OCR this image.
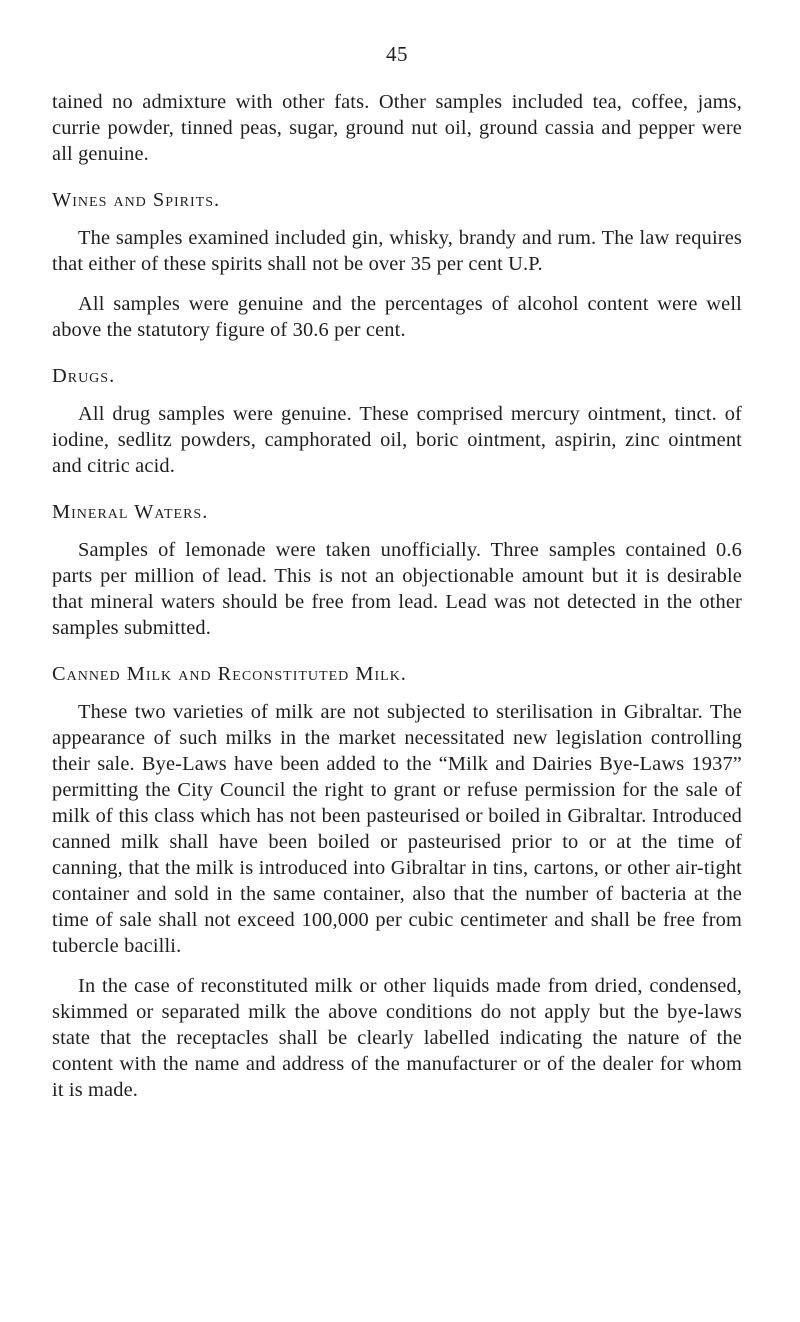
45

tained no admixture with other fats. Other samples included tea, coffee, jams, currie powder, tinned peas, sugar, ground nut oil, ground cassia and pepper were all genuine.

Wines and Spirits.

The samples examined included gin, whisky, brandy and rum. The law requires that either of these spirits shall not be over 35 per cent U.P.

All samples were genuine and the percentages of alcohol content were well above the statutory figure of 30.6 per cent.

Drugs.

All drug samples were genuine. These comprised mercury ointment, tinct. of iodine, sedlitz powders, camphorated oil, boric ointment, aspirin, zinc ointment and citric acid.

Mineral Waters.

Samples of lemonade were taken unofficially. Three samples contained 0.6 parts per million of lead. This is not an objectionable amount but it is desirable that mineral waters should be free from lead. Lead was not detected in the other samples submitted.

Canned Milk and Reconstituted Milk.

These two varieties of milk are not subjected to sterilisation in Gibraltar. The appearance of such milks in the market necessitated new legislation controlling their sale. Bye-Laws have been added to the “Milk and Dairies Bye-Laws 1937” permitting the City Council the right to grant or refuse permission for the sale of milk of this class which has not been pasteurised or boiled in Gibraltar. Introduced canned milk shall have been boiled or pasteurised prior to or at the time of canning, that the milk is introduced into Gibraltar in tins, cartons, or other air-tight container and sold in the same container, also that the number of bacteria at the time of sale shall not exceed 100,000 per cubic centimeter and shall be free from tubercle bacilli.

In the case of reconstituted milk or other liquids made from dried, condensed, skimmed or separated milk the above conditions do not apply but the bye-laws state that the receptacles shall be clearly labelled indicating the nature of the content with the name and address of the manufacturer or of the dealer for whom it is made.
